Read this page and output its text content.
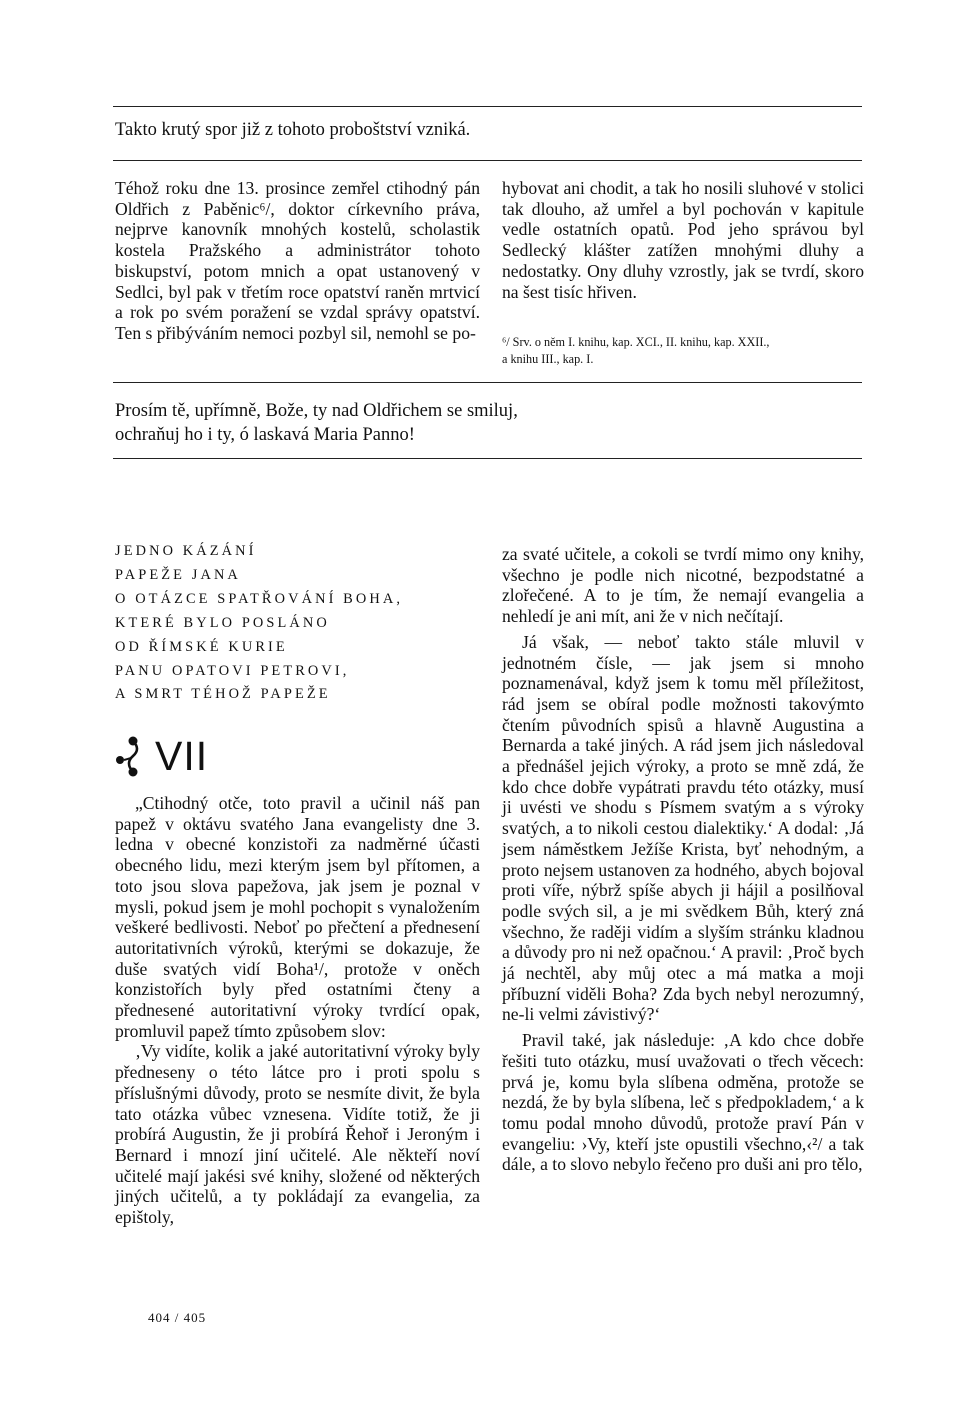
Takto krutý spor již z tohoto proboštství vzniká.

Téhož roku dne 13. prosince zemřel ctihodný pán Oldřich z Paběnic⁶/, doktor církevního práva, nejprve kanovník mnohých kostelů, scholastik kostela Pražského a administrátor tohoto biskupství, potom mnich a opat ustanovený v Sedlci, byl pak v třetím roce opatství raněn mrtvicí a rok po svém poražení se vzdal správy opatství. Ten s přibýváním nemoci pozbyl sil, nemohl se po-

hybovat ani chodit, a tak ho nosili sluhové v stolici tak dlouho, až umřel a byl pochován v kapitule vedle ostatních opatů. Pod jeho správou byl Sedlecký klášter zatížen mnohými dluhy a nedostatky. Ony dluhy vzrostly, jak se tvrdí, skoro na šest tisíc hřiven.

⁶/ Srv. o něm I. knihu, kap. XCI., II. knihu, kap. XXII.,
a knihu III., kap. I.
Prosím tě, upřímně, Bože, ty nad Oldřichem se smiluj,
ochraňuj ho i ty, ó laskavá Maria Panno!
JEDNO KÁZÁNÍ
PAPEŽE JANA
O OTÁZCE SPATŘOVÁNÍ BOHA,
KTERÉ BYLO POSLÁNO
OD ŘÍMSKÉ KURIE
PANU OPATOVI PETROVI,
A SMRT TÉHOŽ PAPEŽE
VII

„Ctihodný otče, toto pravil a učinil náš pan papež v oktávu svatého Jana evangelisty dne 3. ledna v obecné konzistoři za nadměrné účasti obecného lidu, mezi kterým jsem byl přítomen, a toto jsou slova papežova, jak jsem je poznal v mysli, pokud jsem je mohl pochopit s vynaložením veškeré bedlivosti. Neboť po přečtení a přednesení autoritativních výroků, kterými se dokazuje, že duše svatých vidí Boha¹/, protože v oněch konzistořích byly před ostatními čteny a přednesené autoritativní výroky tvrdící opak, promluvil papež tímto způsobem slov:

‚Vy vidíte, kolik a jaké autoritativní výroky byly předneseny o této látce pro i proti spolu s příslušnými důvody, proto se nesmíte divit, že byla tato otázka vůbec vznesena. Vidíte totiž, že ji probírá Augustin, že ji probírá Řehoř i Jeroným i Bernard i mnozí jiní učitelé. Ale někteří noví učitelé mají jakési své knihy, složené od některých jiných učitelů, a ty pokládají za evangelia, za epištoly,

za svaté učitele, a cokoli se tvrdí mimo ony knihy, všechno je podle nich nicotné, bezpodstatné a zlořečené. A to je tím, že nemají evangelia a nehledí je ani mít, ani že v nich nečítají.

Já však, — neboť takto stále mluvil v jednotném čísle, — jak jsem si mnoho poznamenával, když jsem k tomu měl příležitost, rád jsem se obíral podle možnosti takovýmto čtením původních spisů a hlavně Augustina a Bernarda a také jiných. A rád jsem jich následoval a přednášel jejich výroky, a proto se mně zdá, že kdo chce dobře vypátrati pravdu této otázky, musí ji uvésti ve shodu s Písmem svatým a s výroky svatých, a to nikoli cestou dialektiky.‘ A dodal: ‚Já jsem náměstkem Ježíše Krista, byť nehodným, a proto nejsem ustanoven za hodného, abych bojoval proti víře, nýbrž spíše abych ji hájil a posilňoval podle svých sil, a je mi svědkem Bůh, který zná všechno, že raději vidím a slyším stránku kladnou a důvody pro ni než opačnou.‘ A pravil: ‚Proč bych já nechtěl, aby můj otec a má matka a moji příbuzní viděli Boha? Zda bych nebyl nerozumný, ne-li velmi závistivý?‘

Pravil také, jak následuje: ‚A kdo chce dobře řešiti tuto otázku, musí uvažovati o třech věcech: prvá je, komu byla slíbena odměna, protože se nezdá, že by byla slíbena, leč s předpokladem,‘ a k tomu podal mnoho důvodů, protože praví Pán v evangeliu: ›Vy, kteří jste opustili všechno,‹²/ a tak dále, a to slovo nebylo řečeno pro duši ani pro tělo,

404 / 405
